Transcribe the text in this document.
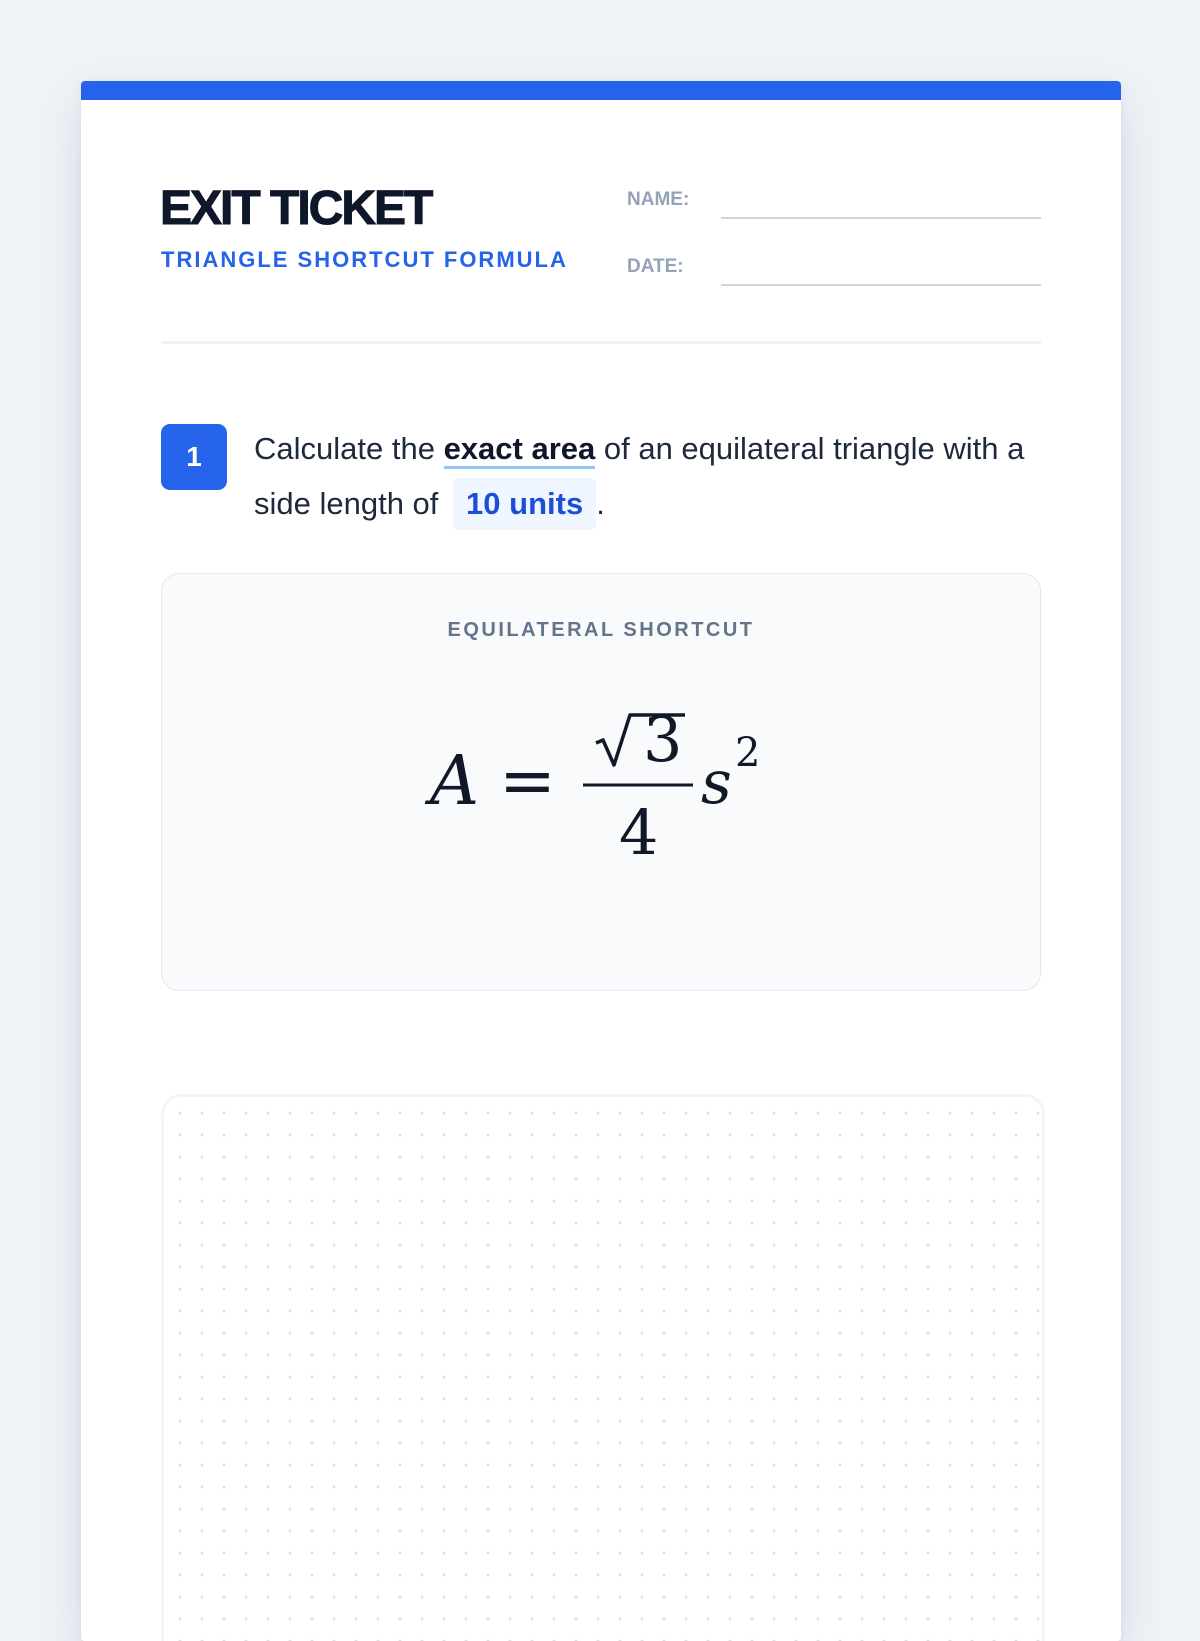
EXIT TICKET
TRIANGLE SHORTCUT FORMULA
NAME:
DATE:
1	Calculate the exact area of an equilateral triangle with a side length of 10 units .

EQUILATERAL SHORTCUT
A =
3
4
s 2
